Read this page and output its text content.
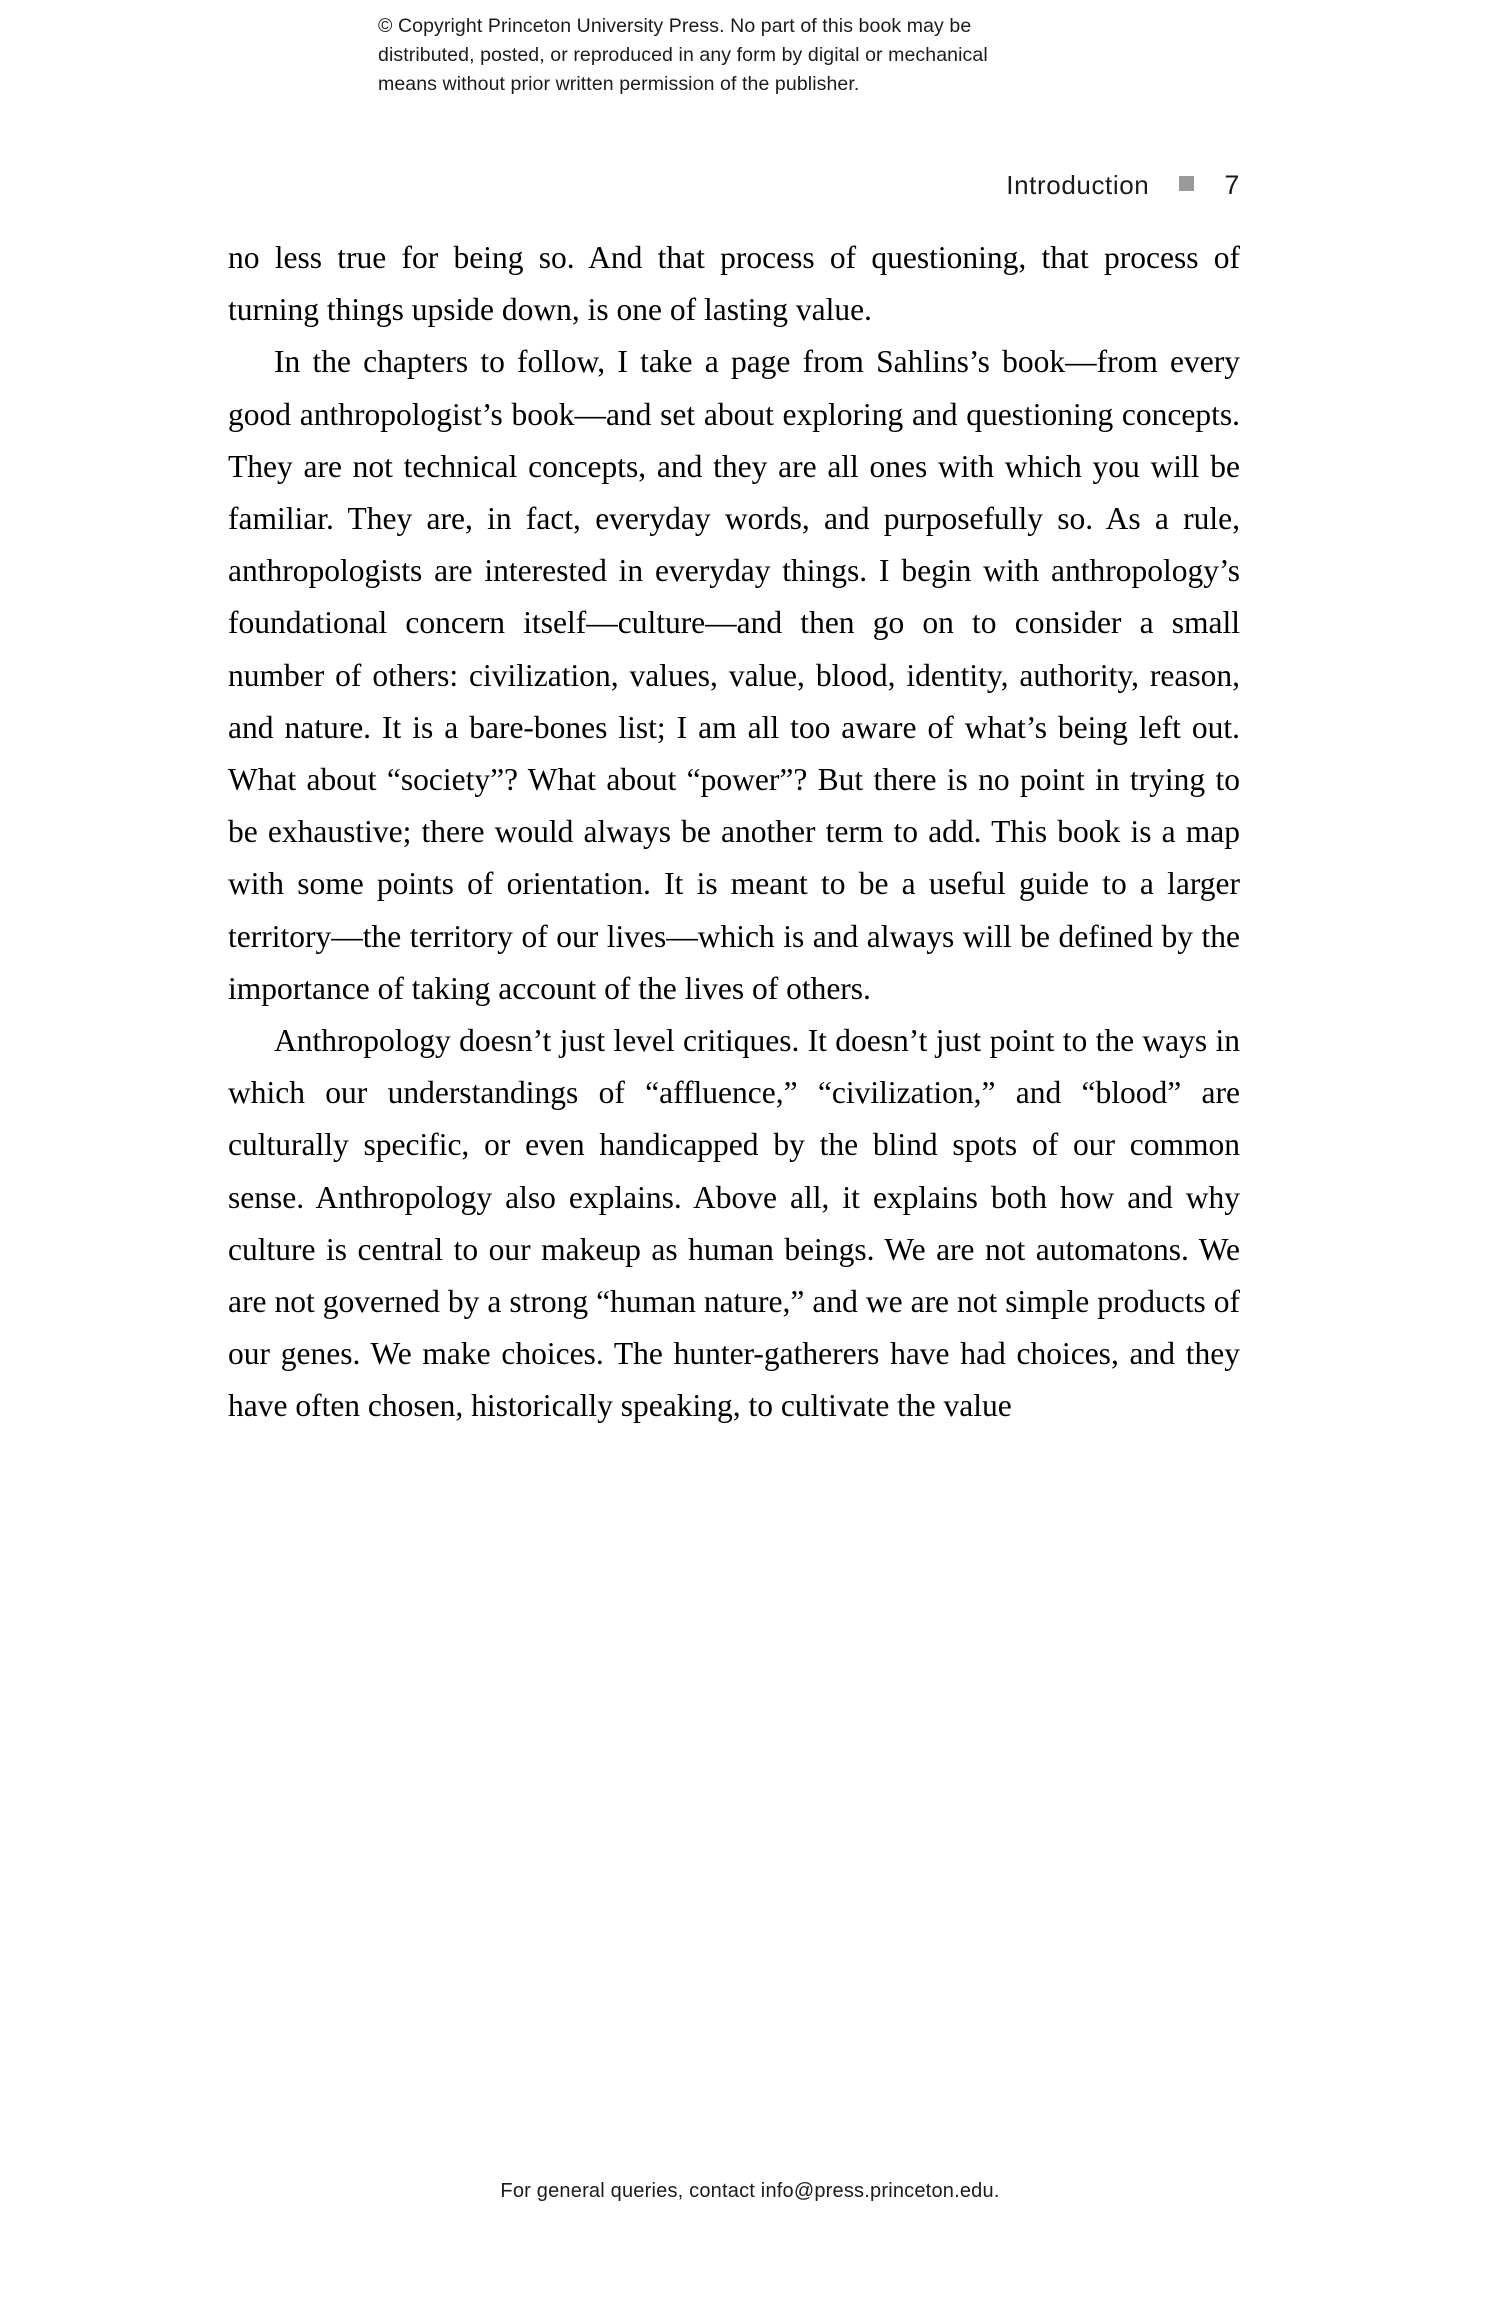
© Copyright Princeton University Press. No part of this book may be
distributed, posted, or reproduced in any form by digital or mechanical
means without prior written permission of the publisher.
Introduction	7

no less true for being so. And that process of questioning, that process of turning things upside down, is one of lasting value.

In the chapters to follow, I take a page from Sahlins’s book—from every good anthropologist’s book—and set about exploring and questioning concepts. They are not technical concepts, and they are all ones with which you will be familiar. They are, in fact, everyday words, and purposefully so. As a rule, anthropologists are interested in everyday things. I begin with anthropology’s foundational concern itself—culture—and then go on to consider a small number of others: civilization, values, value, blood, identity, authority, reason, and nature. It is a bare-bones list; I am all too aware of what’s being left out. What about “society”? What about “power”? But there is no point in trying to be exhaustive; there would always be another term to add. This book is a map with some points of orientation. It is meant to be a useful guide to a larger territory—the territory of our lives—which is and always will be defined by the importance of taking account of the lives of others.

Anthropology doesn’t just level critiques. It doesn’t just point to the ways in which our understandings of “affluence,” “civilization,” and “blood” are culturally specific, or even handicapped by the blind spots of our common sense. Anthropology also explains. Above all, it explains both how and why culture is central to our makeup as human beings. We are not automatons. We are not governed by a strong “human nature,” and we are not simple products of our genes. We make choices. The hunter-gatherers have had choices, and they have often chosen, historically speaking, to cultivate the value

For general queries, contact info@press.princeton.edu.
